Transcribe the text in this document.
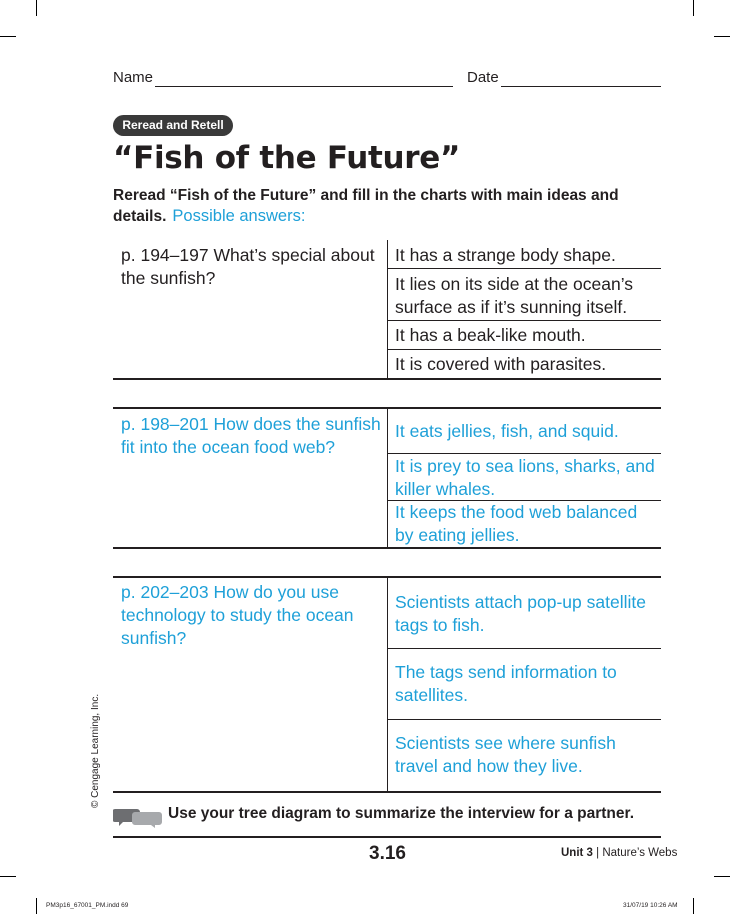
Name	Date
Reread and Retell
“Fish of the Future”
Reread “Fish of the Future” and fill in the charts with main ideas and details. Possible answers:
p. 194–197 What’s special about the sunfish?
It has a strange body shape.
It lies on its side at the ocean’s surface as if it’s sunning itself.
It has a beak-like mouth.
It is covered with parasites.
p. 198–201 How does the sunfish fit into the ocean food web?
It eats jellies, fish, and squid.
It is prey to sea lions, sharks, and killer whales.
It keeps the food web balanced by eating jellies.
p. 202–203 How do you use technology to study the ocean sunfish?
Scientists attach pop-up satellite tags to fish.
The tags send information to satellites.
Scientists see where sunfish travel and how they live.
© Cengage Learning, Inc.
Use your tree diagram to summarize the interview for a partner.
3.16	Unit 3 | Nature’s Webs
PM3p16_67001_PM.indd 69	31/07/19 10:26 AM
